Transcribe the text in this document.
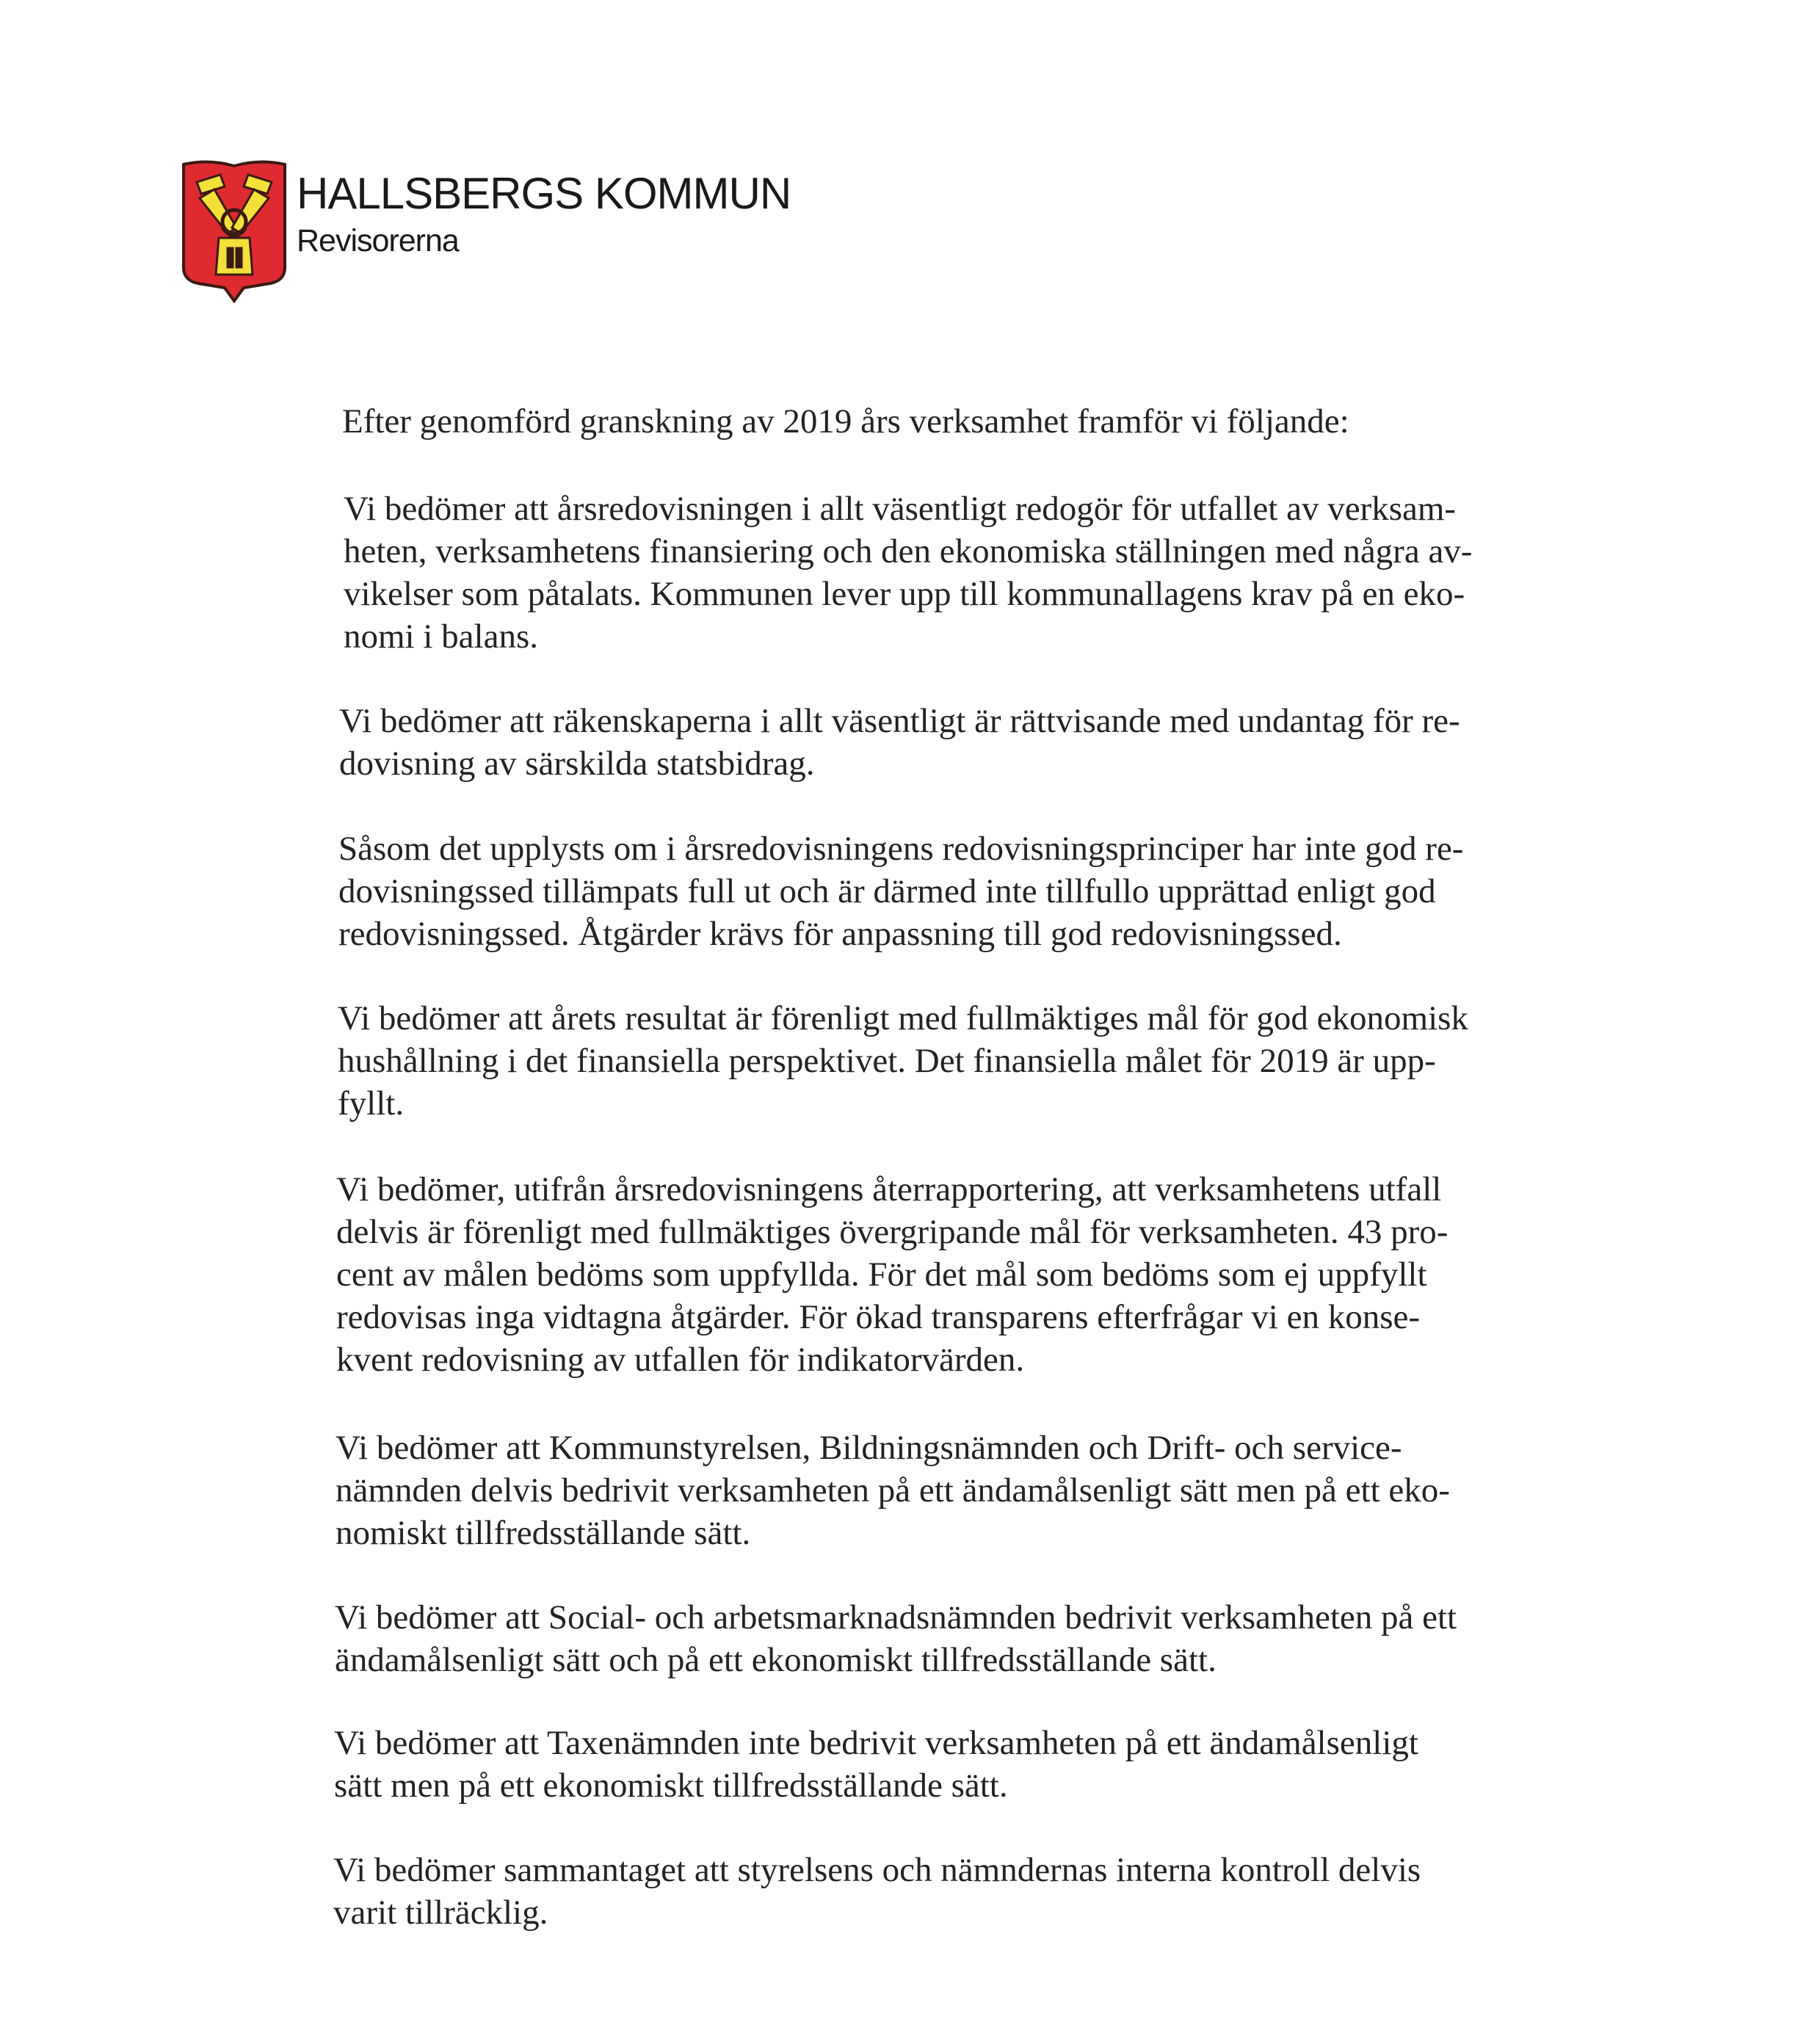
HALLSBERGS KOMMUN
Revisorerna
Efter genomförd granskning av 2019 års verksamhet framför vi följande:
Vi bedömer att årsredovisningen i allt väsentligt redogör för utfallet av verksam-
heten, verksamhetens finansiering och den ekonomiska ställningen med några av-
vikelser som påtalats. Kommunen lever upp till kommunallagens krav på en eko-
nomi i balans.
Vi bedömer att räkenskaperna i allt väsentligt är rättvisande med undantag för re-
dovisning av särskilda statsbidrag.
Såsom det upplysts om i årsredovisningens redovisningsprinciper har inte god re-
dovisningssed tillämpats full ut och är därmed inte tillfullo upprättad enligt god
redovisningssed. Åtgärder krävs för anpassning till god redovisningssed.
Vi bedömer att årets resultat är förenligt med fullmäktiges mål för god ekonomisk
hushållning i det finansiella perspektivet. Det finansiella målet för 2019 är upp-
fyllt.
Vi bedömer, utifrån årsredovisningens återrapportering, att verksamhetens utfall
delvis är förenligt med fullmäktiges övergripande mål för verksamheten. 43 pro-
cent av målen bedöms som uppfyllda. För det mål som bedöms som ej uppfyllt
redovisas inga vidtagna åtgärder. För ökad transparens efterfrågar vi en konse-
kvent redovisning av utfallen för indikatorvärden.
Vi bedömer att Kommunstyrelsen, Bildningsnämnden och Drift- och service-
nämnden delvis bedrivit verksamheten på ett ändamålsenligt sätt men på ett eko-
nomiskt tillfredsställande sätt.
Vi bedömer att Social- och arbetsmarknadsnämnden bedrivit verksamheten på ett
ändamålsenligt sätt och på ett ekonomiskt tillfredsställande sätt.
Vi bedömer att Taxenämnden inte bedrivit verksamheten på ett ändamålsenligt
sätt men på ett ekonomiskt tillfredsställande sätt.
Vi bedömer sammantaget att styrelsens och nämndernas interna kontroll delvis
varit tillräcklig.
